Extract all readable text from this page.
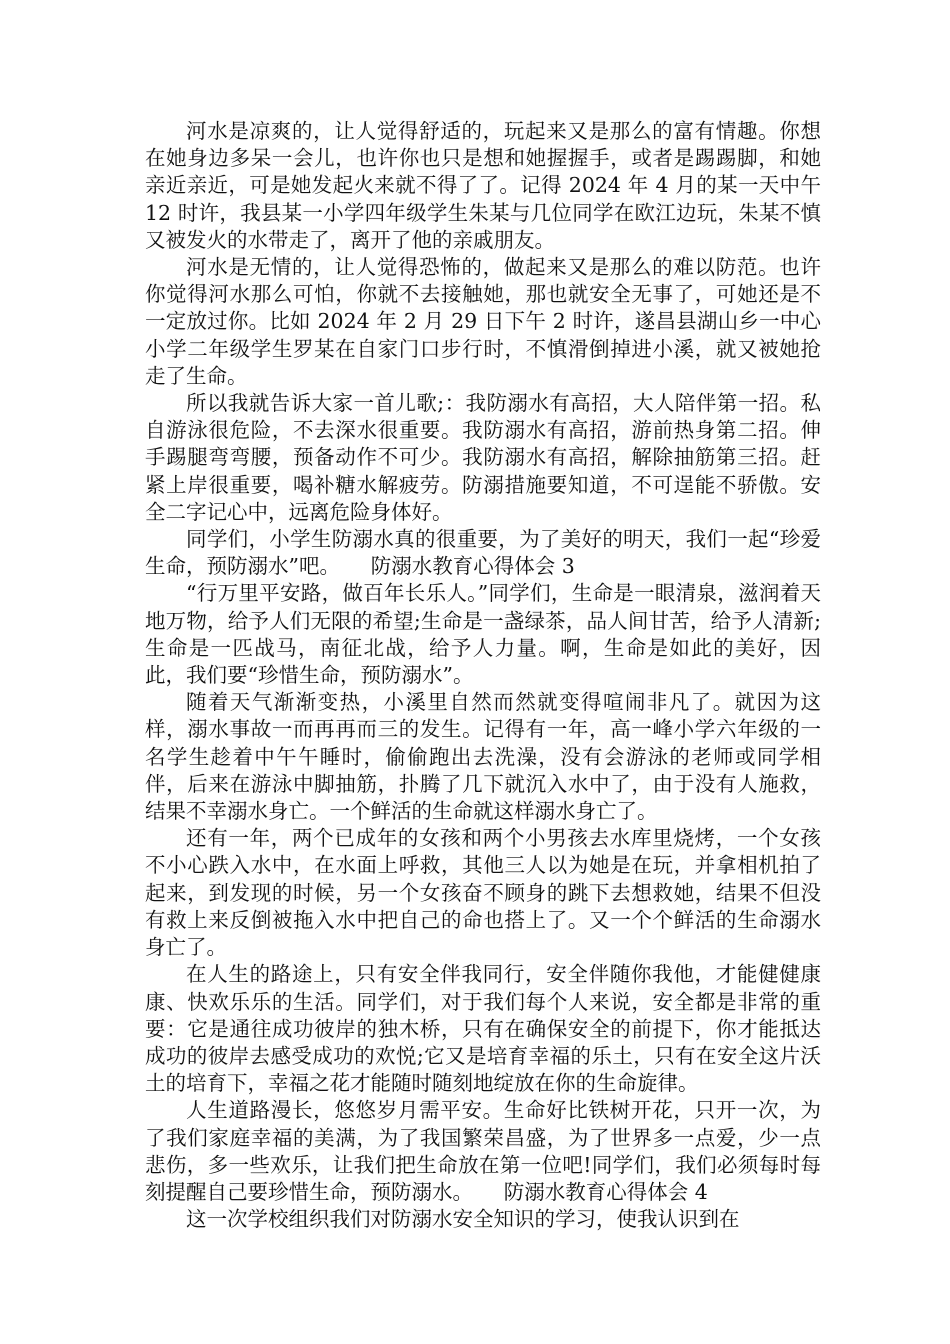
河水是凉爽的，让人觉得舒适的，玩起来又是那么的富有情趣。你想在她身边多呆一会儿，也许你也只是想和她握握手，或者是踢踢脚，和她亲近亲近，可是她发起火来就不得了了。记得 2024 年 4 月的某一天中午 12 时许，我县某一小学四年级学生朱某与几位同学在欧江边玩，朱某不慎又被发火的水带走了，离开了他的亲戚朋友。

河水是无情的，让人觉得恐怖的，做起来又是那么的难以防范。也许你觉得河水那么可怕，你就不去接触她，那也就安全无事了，可她还是不一定放过你。比如 2024 年 2 月 29 日下午 2 时许，遂昌县湖山乡一中心小学二年级学生罗某在自家门口步行时，不慎滑倒掉进小溪，就又被她抢走了生命。

所以我就告诉大家一首儿歌;：我防溺水有高招，大人陪伴第一招。私自游泳很危险，不去深水很重要。我防溺水有高招，游前热身第二招。伸手踢腿弯弯腰，预备动作不可少。我防溺水有高招，解除抽筋第三招。赶紧上岸很重要，喝补糖水解疲劳。防溺措施要知道，不可逞能不骄傲。安全二字记心中，远离危险身体好。

同学们，小学生防溺水真的很重要，为了美好的明天，我们一起“珍爱生命，预防溺水”吧。　　防溺水教育心得体会 3

“行万里平安路，做百年长乐人。”同学们，生命是一眼清泉，滋润着天地万物，给予人们无限的希望;生命是一盏绿茶，品人间甘苦，给予人清新;生命是一匹战马，南征北战，给予人力量。啊，生命是如此的美好，因此，我们要“珍惜生命，预防溺水”。

随着天气渐渐变热，小溪里自然而然就变得喧闹非凡了。就因为这样，溺水事故一而再再而三的发生。记得有一年，高一峰小学六年级的一名学生趁着中午午睡时，偷偷跑出去洗澡，没有会游泳的老师或同学相伴，后来在游泳中脚抽筋，扑腾了几下就沉入水中了，由于没有人施救，结果不幸溺水身亡。一个鲜活的生命就这样溺水身亡了。

还有一年，两个已成年的女孩和两个小男孩去水库里烧烤，一个女孩不小心跌入水中，在水面上呼救，其他三人以为她是在玩，并拿相机拍了起来，到发现的时候，另一个女孩奋不顾身的跳下去想救她，结果不但没有救上来反倒被拖入水中把自己的命也搭上了。又一个个鲜活的生命溺水身亡了。

在人生的路途上，只有安全伴我同行，安全伴随你我他，才能健健康康、快欢乐乐的生活。同学们，对于我们每个人来说，安全都是非常的重要：它是通往成功彼岸的独木桥，只有在确保安全的前提下，你才能抵达成功的彼岸去感受成功的欢悦;它又是培育幸福的乐土，只有在安全这片沃土的培育下，幸福之花才能随时随刻地绽放在你的生命旋律。

人生道路漫长，悠悠岁月需平安。生命好比铁树开花，只开一次，为了我们家庭幸福的美满，为了我国繁荣昌盛，为了世界多一点爱，少一点悲伤，多一些欢乐，让我们把生命放在第一位吧!同学们，我们必须每时每刻提醒自己要珍惜生命，预防溺水。　　防溺水教育心得体会 4

这一次学校组织我们对防溺水安全知识的学习，使我认识到在
